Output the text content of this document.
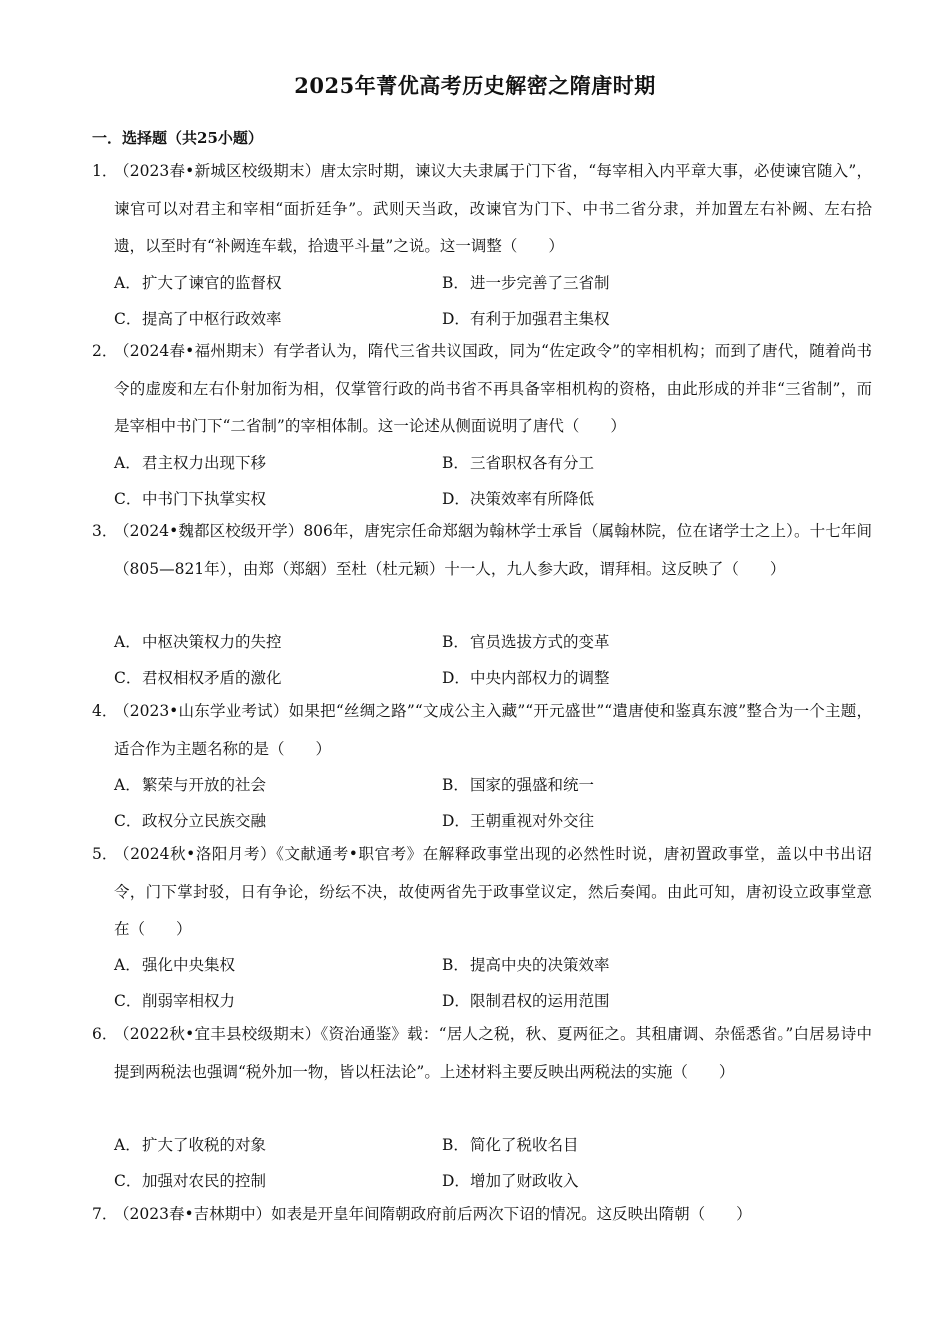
2025年菁优高考历史解密之隋唐时期
一．选择题（共25小题）
1．
（2023春•新城区校级期末）唐太宗时期，谏议大夫隶属于门下省，“每宰相入内平章大事，必使谏官随入”，谏官可以对君主和宰相“面折廷争”。武则天当政，改谏官为门下、中书二省分隶，并加置左右补阙、左右拾遗，以至时有“补阙连车载，拾遗平斗量”之说。这一调整（　　）
A．扩大了谏官的监督权	B．进一步完善了三省制
C．提高了中枢行政效率	D．有利于加强君主集权
2．
（2024春•福州期末）有学者认为，隋代三省共议国政，同为“佐定政令”的宰相机构；而到了唐代，随着尚书令的虚废和左右仆射加衔为相，仅掌管行政的尚书省不再具备宰相机构的资格，由此形成的并非“三省制”，而是宰相中书门下“二省制”的宰相体制。这一论述从侧面说明了唐代（　　）
A．君主权力出现下移	B．三省职权各有分工
C．中书门下执掌实权	D．决策效率有所降低
3．
（2024•魏都区校级开学）806年，唐宪宗任命郑絪为翰林学士承旨（属翰林院，位在诸学士之上）。十七年间（805—821年），由郑（郑絪）至杜（杜元颖）十一人，九人参大政，谓拜相。这反映了（　　）
A．中枢决策权力的失控	B．官员选拔方式的变革
C．君权相权矛盾的激化	D．中央内部权力的调整
4．
（2023•山东学业考试）如果把“丝绸之路”“文成公主入藏”“开元盛世”“遣唐使和鉴真东渡”整合为一个主题，适合作为主题名称的是（　　）
A．繁荣与开放的社会	B．国家的强盛和统一
C．政权分立民族交融	D．王朝重视对外交往
5．
（2024秋•洛阳月考）《文献通考•职官考》在解释政事堂出现的必然性时说，唐初置政事堂，盖以中书出诏令，门下掌封驳，日有争论，纷纭不决，故使两省先于政事堂议定，然后奏闻。由此可知，唐初设立政事堂意在（　　）
A．强化中央集权	B．提高中央的决策效率
C．削弱宰相权力	D．限制君权的运用范围
6．
（2022秋•宜丰县校级期末）《资治通鉴》载：“居人之税，秋、夏两征之。其租庸调、杂傜悉省。”白居易诗中提到两税法也强调“税外加一物，皆以枉法论”。上述材料主要反映出两税法的实施（　　）
A．扩大了收税的对象	B．简化了税收名目
C．加强对农民的控制	D．增加了财政收入
7．
（2023春•吉林期中）如表是开皇年间隋朝政府前后两次下诏的情况。这反映出隋朝（　　）
